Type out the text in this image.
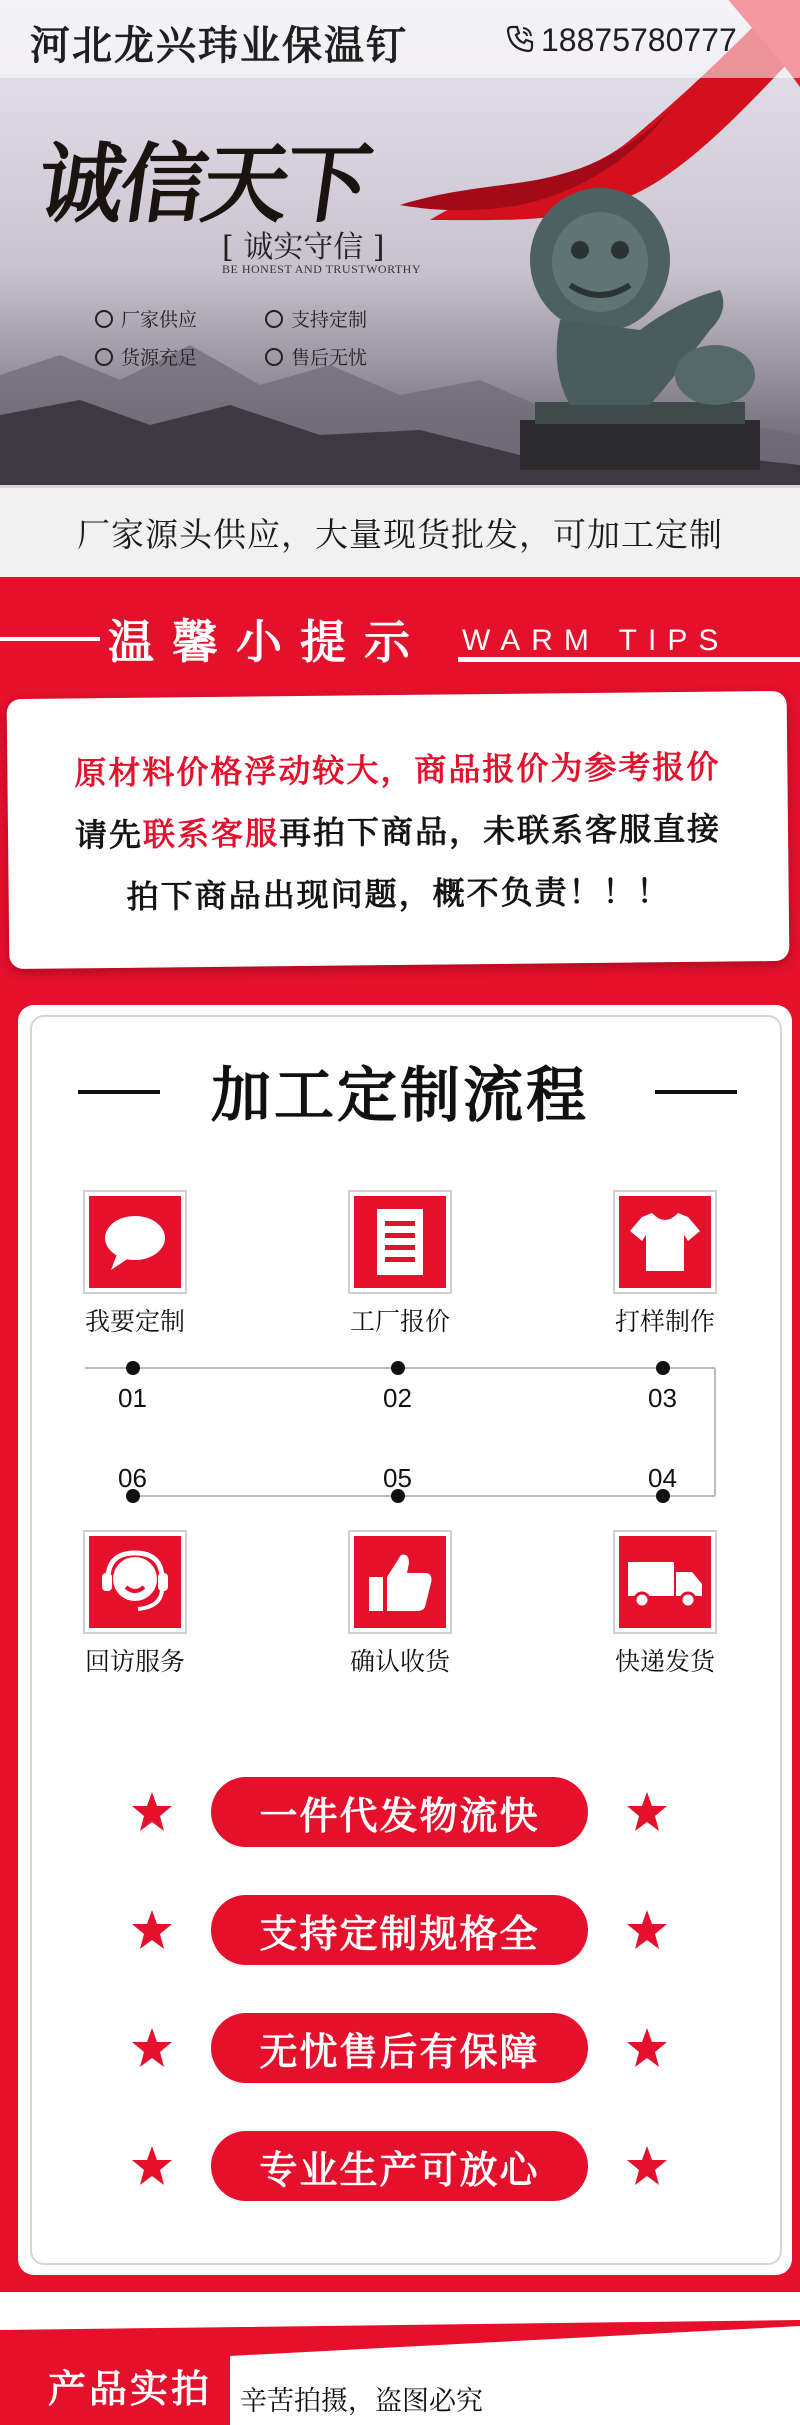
河北龙兴玮业保温钉	18875780777
诚信天下
[ 诚实守信 ]
BE HONEST AND TRUSTWORTHY
厂家供应	支持定制
货源充足	售后无忧
厂家源头供应，大量现货批发，可加工定制
温馨小提示 WARM TIPS

原材料价格浮动较大，商品报价为参考报价

请先联系客服再拍下商品，未联系客服直接

拍下商品出现问题，概不负责！！！

加工定制流程
我要定制	工厂报价	打样制作
01	02	03
06	05	04
回访服务	确认收货	快递发货
一件代发物流快
支持定制规格全
无忧售后有保障
专业生产可放心
产品实拍 辛苦拍摄，盗图必究
